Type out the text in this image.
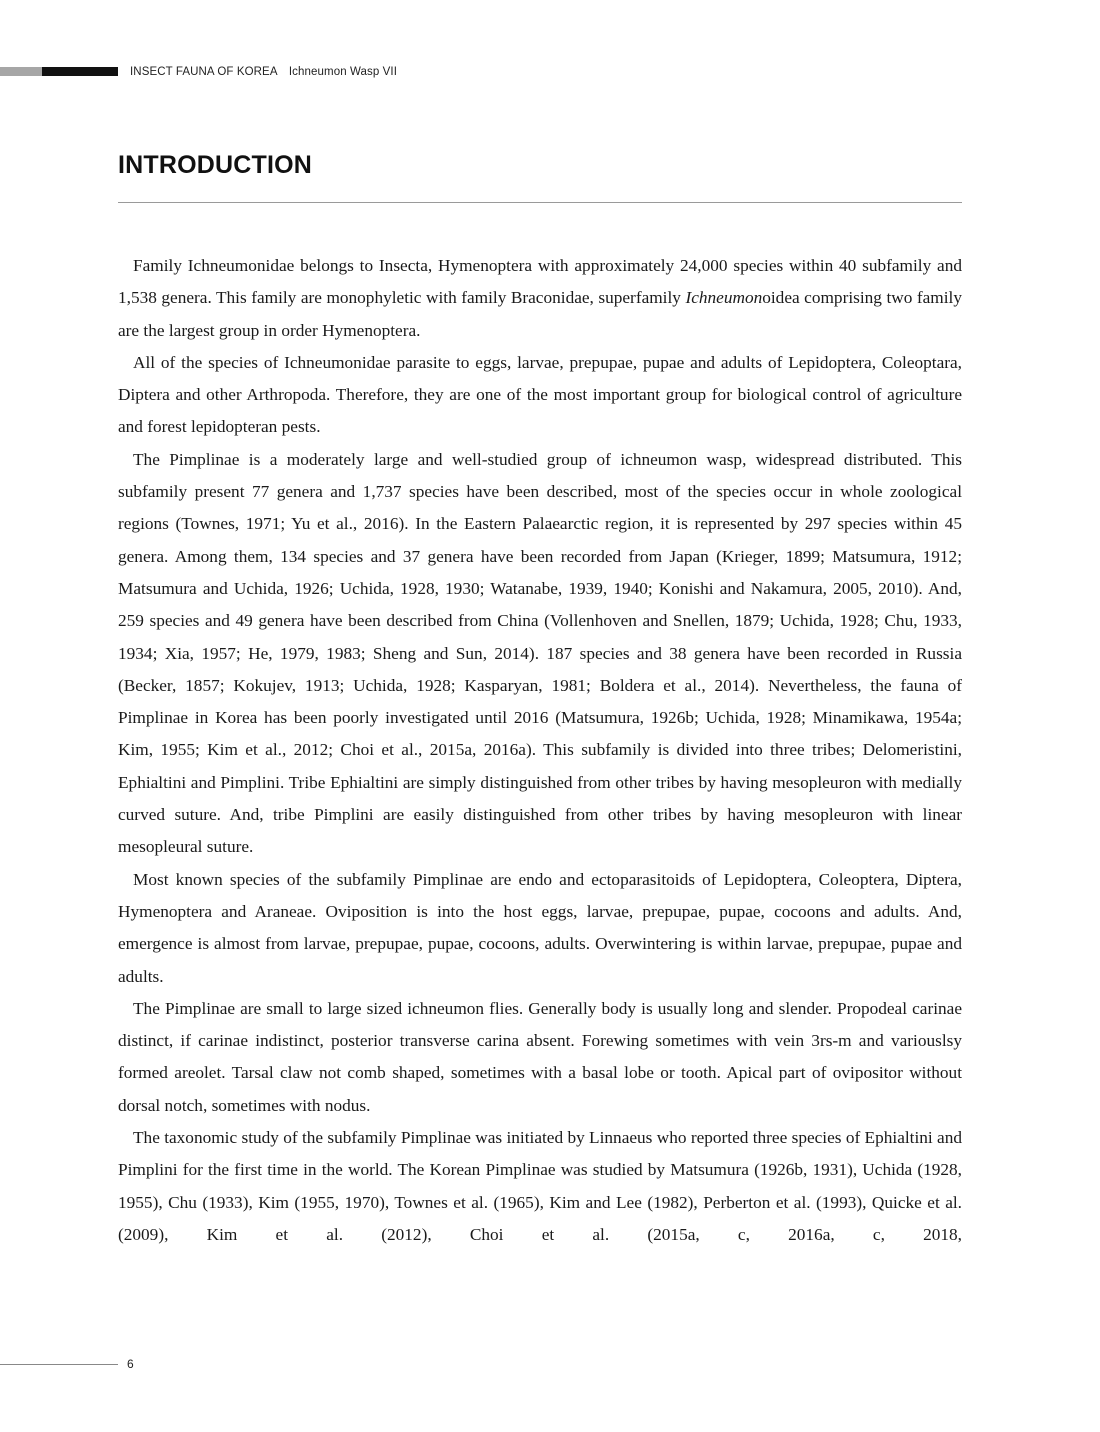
INSECT FAUNA OF KOREA Ichneumon Wasp VII
INTRODUCTION

Family Ichneumonidae belongs to Insecta, Hymenoptera with approximately 24,000 species within 40 subfamily and 1,538 genera. This family are monophyletic with family Braconidae, superfamily Ichneumonoidea comprising two family are the largest group in order Hymenoptera.

All of the species of Ichneumonidae parasite to eggs, larvae, prepupae, pupae and adults of Lepidoptera, Coleoptara, Diptera and other Arthropoda. Therefore, they are one of the most important group for biological control of agriculture and forest lepidopteran pests.

The Pimplinae is a moderately large and well-studied group of ichneumon wasp, widespread distributed. This subfamily present 77 genera and 1,737 species have been described, most of the species occur in whole zoological regions (Townes, 1971; Yu et al., 2016). In the Eastern Palaearctic region, it is represented by 297 species within 45 genera. Among them, 134 species and 37 genera have been recorded from Japan (Krieger, 1899; Matsumura, 1912; Matsumura and Uchida, 1926; Uchida, 1928, 1930; Watanabe, 1939, 1940; Konishi and Nakamura, 2005, 2010). And, 259 species and 49 genera have been described from China (Vollenhoven and Snellen, 1879; Uchida, 1928; Chu, 1933, 1934; Xia, 1957; He, 1979, 1983; Sheng and Sun, 2014). 187 species and 38 genera have been recorded in Russia (Becker, 1857; Kokujev, 1913; Uchida, 1928; Kasparyan, 1981; Boldera et al., 2014). Nevertheless, the fauna of Pimplinae in Korea has been poorly investigated until 2016 (Matsumura, 1926b; Uchida, 1928; Minamikawa, 1954a; Kim, 1955; Kim et al., 2012; Choi et al., 2015a, 2016a). This subfamily is divided into three tribes; Delomeristini, Ephialtini and Pimplini. Tribe Ephialtini are simply distinguished from other tribes by having mesopleuron with medially curved suture. And, tribe Pimplini are easily distinguished from other tribes by having mesopleuron with linear mesopleural suture.

Most known species of the subfamily Pimplinae are endo and ectoparasitoids of Lepidoptera, Coleoptera, Diptera, Hymenoptera and Araneae. Oviposition is into the host eggs, larvae, prepupae, pupae, cocoons and adults. And, emergence is almost from larvae, prepupae, pupae, cocoons, adults. Overwintering is within larvae, prepupae, pupae and adults.

The Pimplinae are small to large sized ichneumon flies. Generally body is usually long and slender. Propodeal carinae distinct, if carinae indistinct, posterior transverse carina absent. Forewing sometimes with vein 3rs-m and variouslsy formed areolet. Tarsal claw not comb shaped, sometimes with a basal lobe or tooth. Apical part of ovipositor without dorsal notch, sometimes with nodus.

The taxonomic study of the subfamily Pimplinae was initiated by Linnaeus who reported three species of Ephialtini and Pimplini for the first time in the world. The Korean Pimplinae was studied by Matsumura (1926b, 1931), Uchida (1928, 1955), Chu (1933), Kim (1955, 1970), Townes et al. (1965), Kim and Lee (1982), Perberton et al. (1993), Quicke et al. (2009), Kim et al. (2012), Choi et al. (2015a, c, 2016a, c, 2018,

6
